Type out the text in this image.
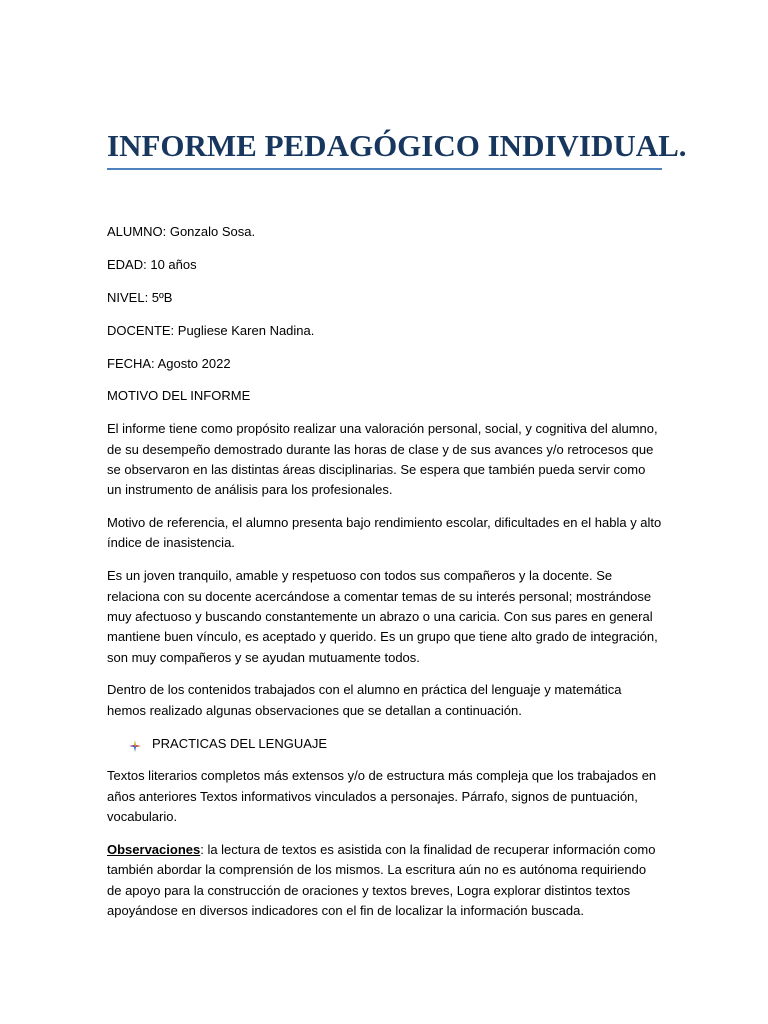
INFORME PEDAGÓGICO INDIVIDUAL.

ALUMNO: Gonzalo Sosa.

EDAD: 10 años

NIVEL: 5ºB

DOCENTE: Pugliese Karen Nadina.

FECHA: Agosto 2022

MOTIVO DEL INFORME

El informe tiene como propósito realizar una valoración personal, social, y cognitiva del alumno, de su desempeño demostrado durante las horas de clase y de sus avances y/o retrocesos que se observaron en las distintas áreas disciplinarias. Se espera que también pueda servir como un instrumento de análisis para los profesionales.

Motivo de referencia, el alumno presenta bajo rendimiento escolar, dificultades en el habla y alto índice de inasistencia.

Es un joven tranquilo, amable y respetuoso con todos sus compañeros y la docente. Se relaciona con su docente acercándose a comentar temas de su interés personal; mostrándose muy afectuoso y buscando constantemente un abrazo o una caricia. Con sus pares en general mantiene buen vínculo, es aceptado y querido. Es un grupo que tiene alto grado de integración, son muy compañeros y se ayudan mutuamente todos.

Dentro de los contenidos trabajados con el alumno en práctica del lenguaje y matemática hemos realizado algunas observaciones que se detallan a continuación.

PRACTICAS DEL LENGUAJE

Textos literarios completos más extensos y/o de estructura más compleja que los trabajados en años anteriores Textos informativos vinculados a personajes. Párrafo, signos de puntuación, vocabulario.

Observaciones: la lectura de textos es asistida con la finalidad de recuperar información como también abordar la comprensión de los mismos. La escritura aún no es autónoma requiriendo de apoyo para la construcción de oraciones y textos breves, Logra explorar distintos textos apoyándose en diversos indicadores con el fin de localizar la información buscada.
